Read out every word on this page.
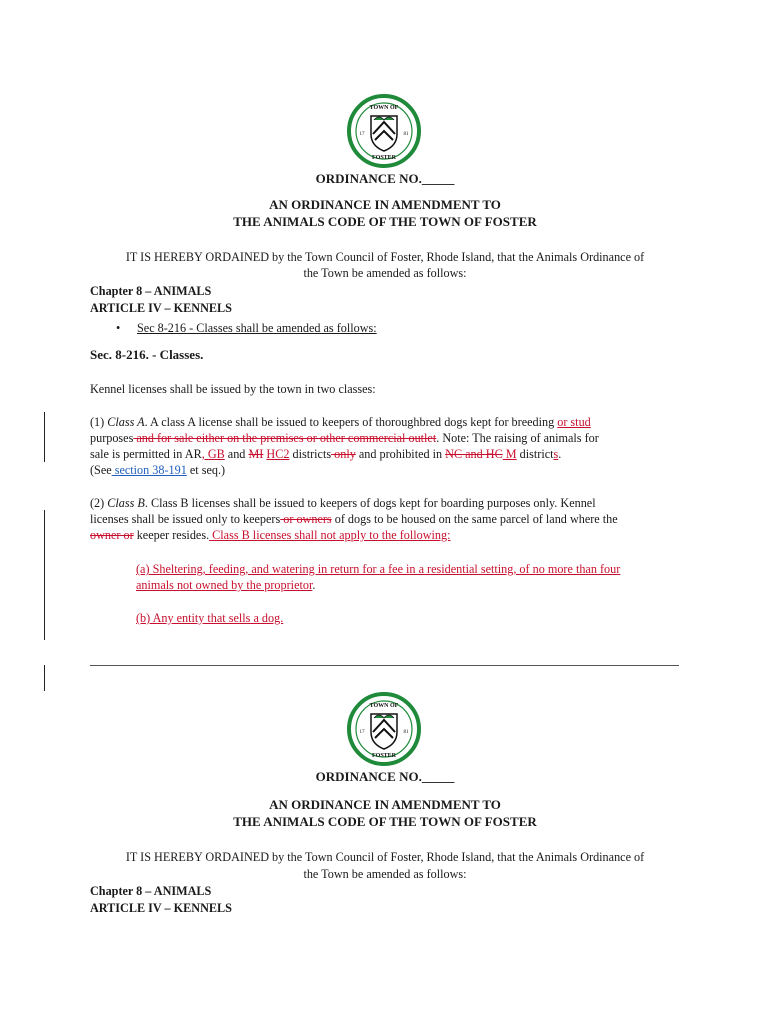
TOWN OF
FOSTER
17	81
ORDINANCE NO._____
AN ORDINANCE IN AMENDMENT TO
THE ANIMALS CODE OF THE TOWN OF FOSTER
IT IS HEREBY ORDAINED by the Town Council of Foster, Rhode Island, that the Animals Ordinance of
the Town be amended as follows:
Chapter 8 – ANIMALS
ARTICLE IV – KENNELS
• Sec 8-216 - Classes shall be amended as follows:
Sec. 8-216. - Classes.
Kennel licenses shall be issued by the town in two classes:
(1) Class A. A class A license shall be issued to keepers of thoroughbred dogs kept for breeding or stud
purposes and for sale either on the premises or other commercial outlet. Note: The raising of animals for
sale is permitted in AR, GB and MI HC2 districts only and prohibited in NC and HC M districts.
(See section 38-191 et seq.)
(2) Class B. Class B licenses shall be issued to keepers of dogs kept for boarding purposes only. Kennel
licenses shall be issued only to keepers or owners of dogs to be housed on the same parcel of land where the
owner or keeper resides. Class B licenses shall not apply to the following:
(a) Sheltering, feeding, and watering in return for a fee in a residential setting, of no more than four
animals not owned by the proprietor.
(b) Any entity that sells a dog.
TOWN OF
FOSTER
17	81
ORDINANCE NO._____
AN ORDINANCE IN AMENDMENT TO
THE ANIMALS CODE OF THE TOWN OF FOSTER
IT IS HEREBY ORDAINED by the Town Council of Foster, Rhode Island, that the Animals Ordinance of
the Town be amended as follows:
Chapter 8 – ANIMALS
ARTICLE IV – KENNELS
